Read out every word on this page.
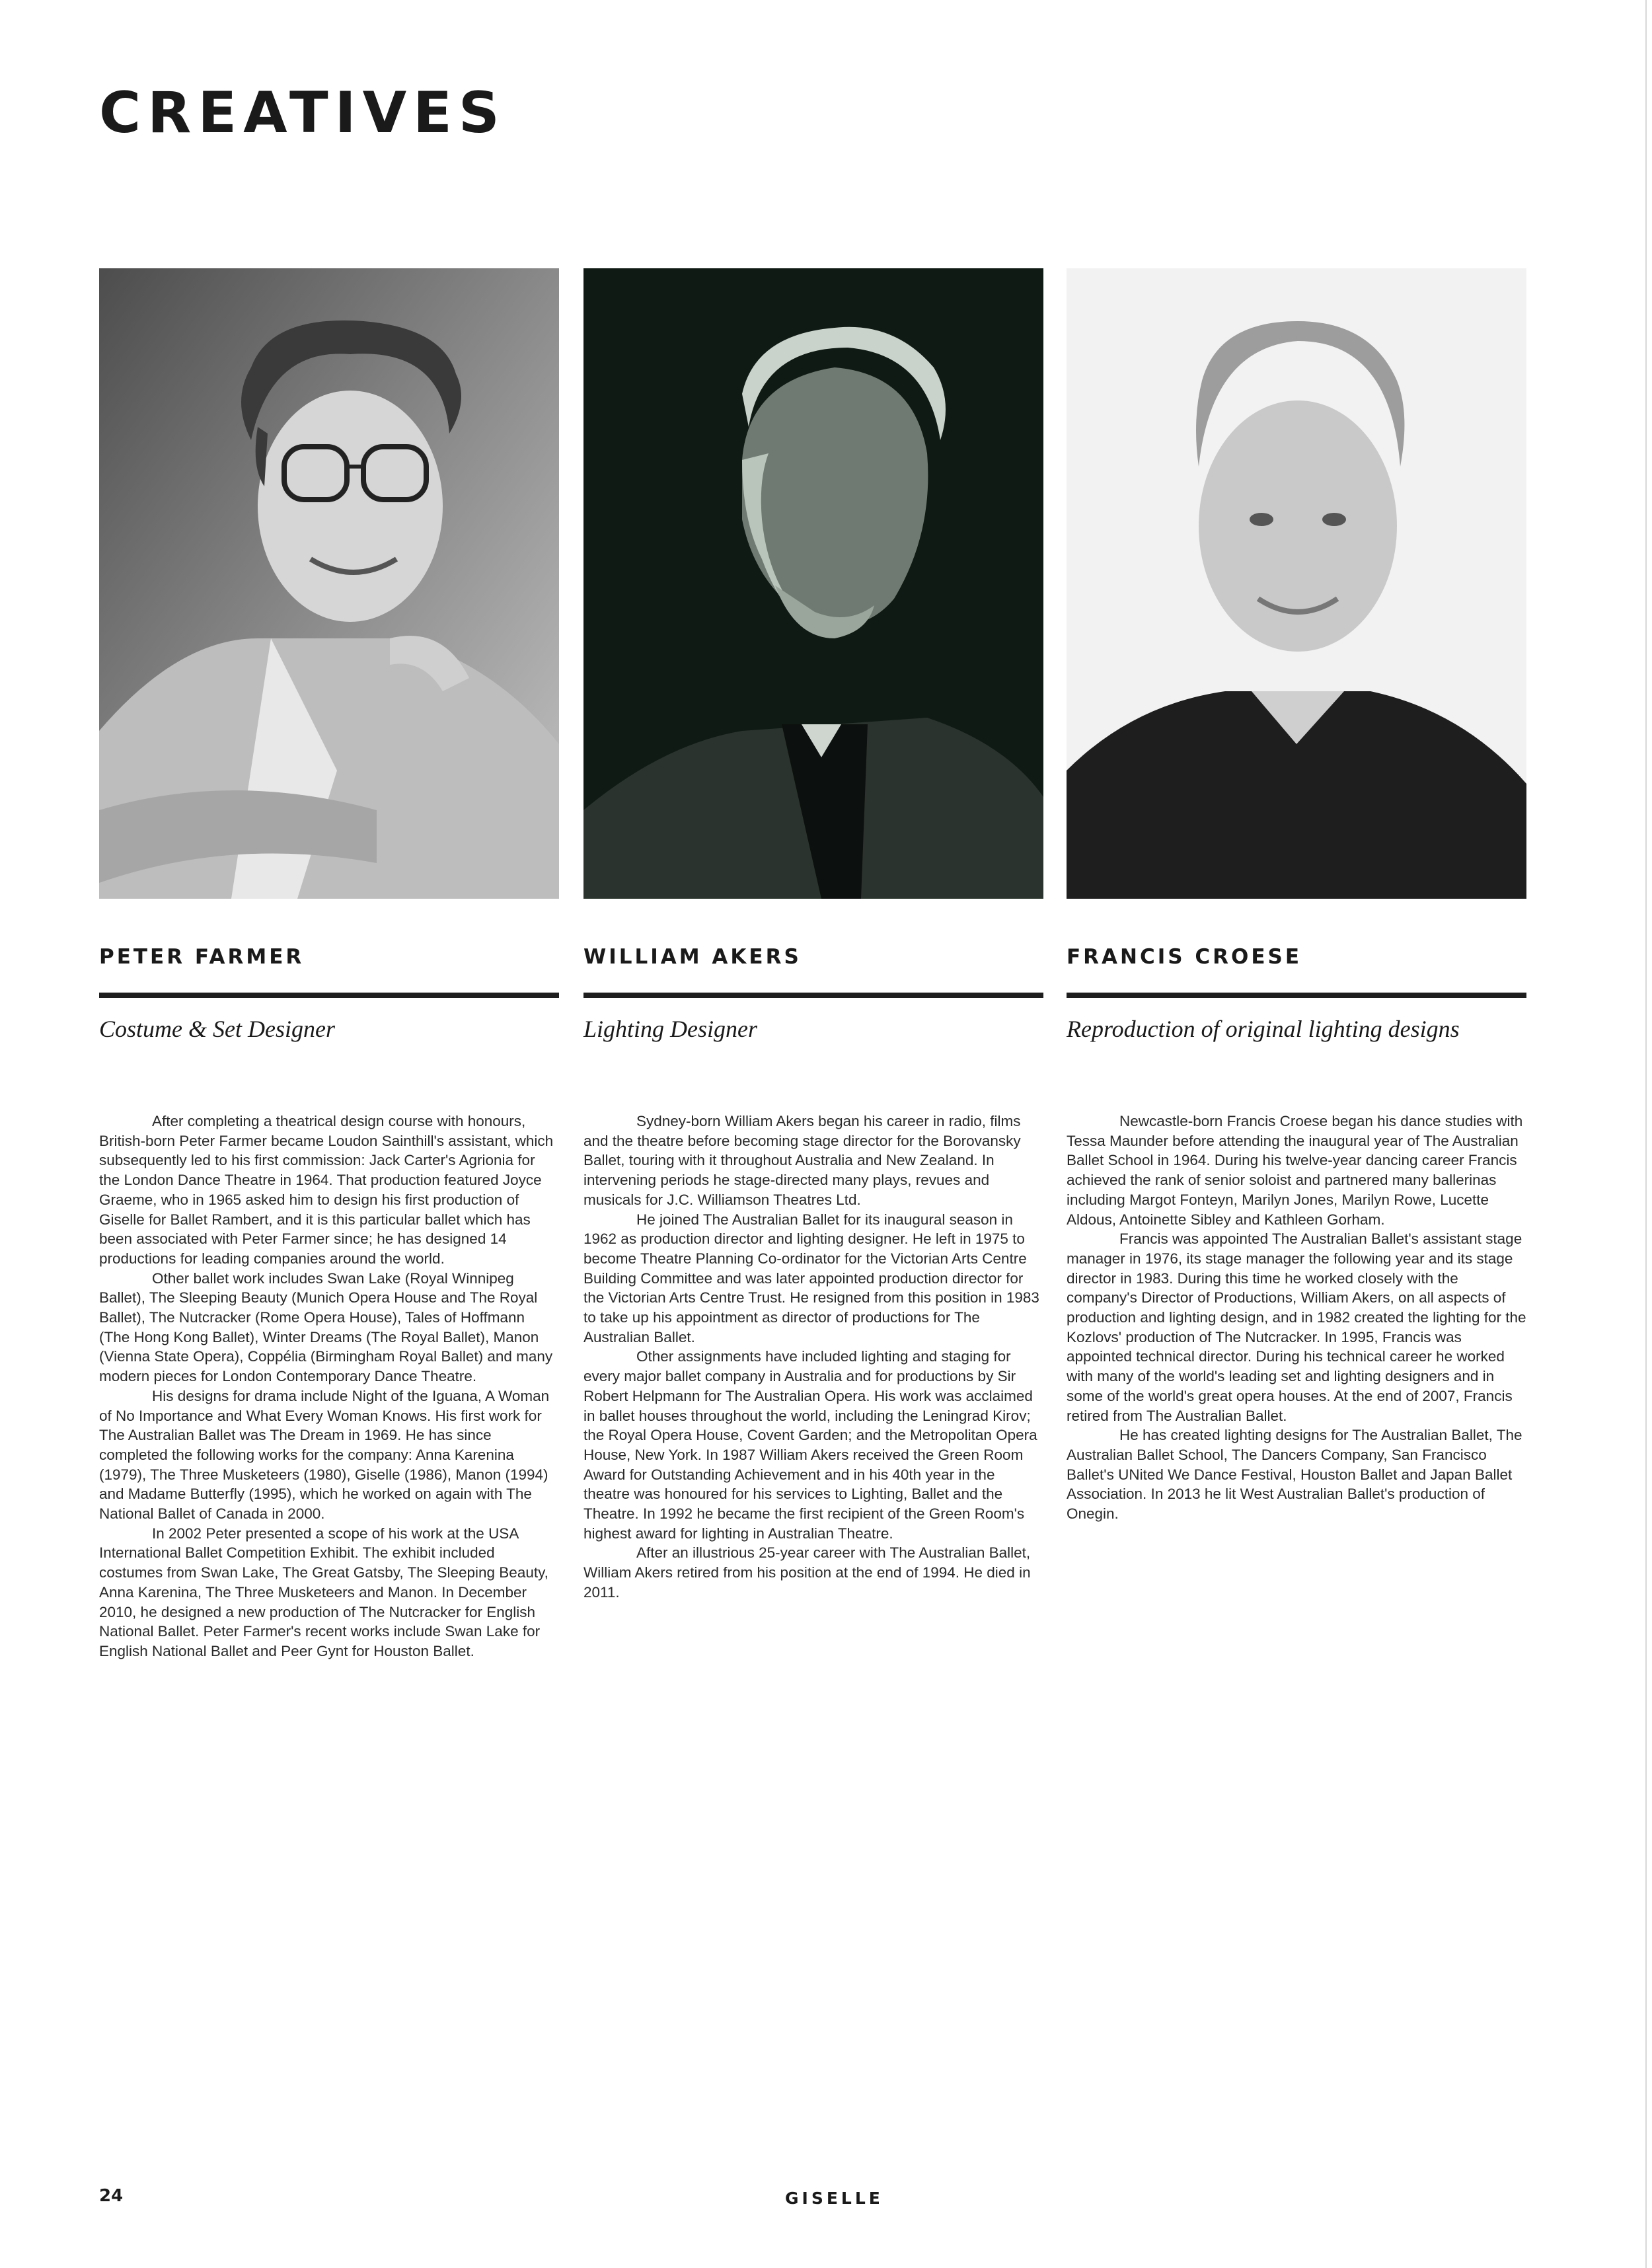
CREATIVES
PETER FARMER
Costume & Set Designer

After completing a theatrical design course with honours, British-born Peter Farmer became Loudon Sainthill's assistant, which subsequently led to his first commission: Jack Carter's Agrionia for the London Dance Theatre in 1964. That production featured Joyce Graeme, who in 1965 asked him to design his first production of Giselle for Ballet Rambert, and it is this particular ballet which has been associated with Peter Farmer since; he has designed 14 productions for leading companies around the world.

Other ballet work includes Swan Lake (Royal Winnipeg Ballet), The Sleeping Beauty (Munich Opera House and The Royal Ballet), The Nutcracker (Rome Opera House), Tales of Hoffmann (The Hong Kong Ballet), Winter Dreams (The Royal Ballet), Manon (Vienna State Opera), Coppélia (Birmingham Royal Ballet) and many modern pieces for London Contemporary Dance Theatre.

His designs for drama include Night of the Iguana, A Woman of No Importance and What Every Woman Knows. His first work for The Australian Ballet was The Dream in 1969. He has since completed the following works for the company: Anna Karenina (1979), The Three Musketeers (1980), Giselle (1986), Manon (1994) and Madame Butterfly (1995), which he worked on again with The National Ballet of Canada in 2000.

In 2002 Peter presented a scope of his work at the USA International Ballet Competition Exhibit. The exhibit included costumes from Swan Lake, The Great Gatsby, The Sleeping Beauty, Anna Karenina, The Three Musketeers and Manon. In December 2010, he designed a new production of The Nutcracker for English National Ballet. Peter Farmer's recent works include Swan Lake for English National Ballet and Peer Gynt for Houston Ballet.

WILLIAM AKERS
Lighting Designer

Sydney-born William Akers began his career in radio, films and the theatre before becoming stage director for the Borovansky Ballet, touring with it throughout Australia and New Zealand. In intervening periods he stage-directed many plays, revues and musicals for J.C. Williamson Theatres Ltd.

He joined The Australian Ballet for its inaugural season in 1962 as production director and lighting designer. He left in 1975 to become Theatre Planning Co-ordinator for the Victorian Arts Centre Building Committee and was later appointed production director for the Victorian Arts Centre Trust. He resigned from this position in 1983 to take up his appointment as director of productions for The Australian Ballet.

Other assignments have included lighting and staging for every major ballet company in Australia and for productions by Sir Robert Helpmann for The Australian Opera. His work was acclaimed in ballet houses throughout the world, including the Leningrad Kirov; the Royal Opera House, Covent Garden; and the Metropolitan Opera House, New York. In 1987 William Akers received the Green Room Award for Outstanding Achievement and in his 40th year in the theatre was honoured for his services to Lighting, Ballet and the Theatre. In 1992 he became the first recipient of the Green Room's highest award for lighting in Australian Theatre.

After an illustrious 25-year career with The Australian Ballet, William Akers retired from his position at the end of 1994. He died in 2011.

FRANCIS CROESE
Reproduction of original lighting designs

Newcastle-born Francis Croese began his dance studies with Tessa Maunder before attending the inaugural year of The Australian Ballet School in 1964. During his twelve-year dancing career Francis achieved the rank of senior soloist and partnered many ballerinas including Margot Fonteyn, Marilyn Jones, Marilyn Rowe, Lucette Aldous, Antoinette Sibley and Kathleen Gorham.

Francis was appointed The Australian Ballet's assistant stage manager in 1976, its stage manager the following year and its stage director in 1983. During this time he worked closely with the company's Director of Productions, William Akers, on all aspects of production and lighting design, and in 1982 created the lighting for the Kozlovs' production of The Nutcracker. In 1995, Francis was appointed technical director. During his technical career he worked with many of the world's leading set and lighting designers and in some of the world's great opera houses. At the end of 2007, Francis retired from The Australian Ballet.

He has created lighting designs for The Australian Ballet, The Australian Ballet School, The Dancers Company, San Francisco Ballet's UNited We Dance Festival, Houston Ballet and Japan Ballet Association. In 2013 he lit West Australian Ballet's production of Onegin.

24	GISELLE
